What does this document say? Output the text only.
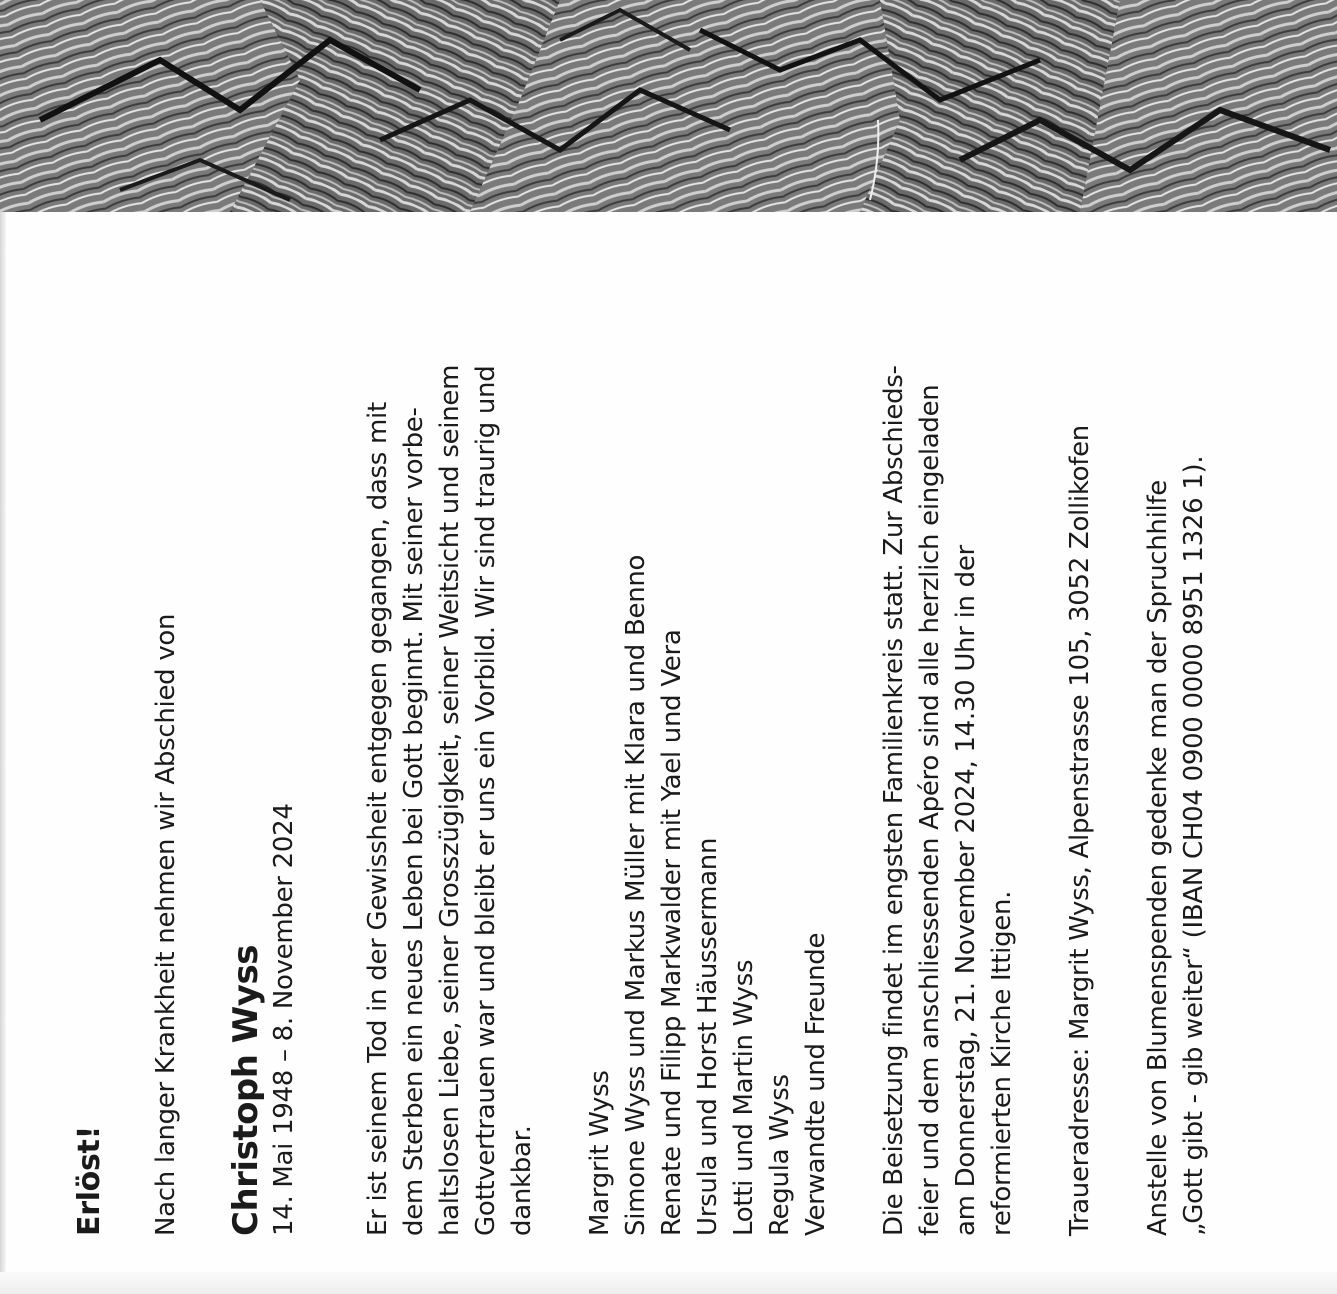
Erlöst! Nach langer Krankheit nehmen wir Abschied von Christoph Wyss 14. Mai 1948 – 8. November 2024 Er ist seinem Tod in der Gewissheit entgegen gegangen, dass mit dem Sterben ein neues Leben bei Gott beginnt. Mit seiner vorbe- haltslosen Liebe, seiner Grosszügigkeit, seiner Weitsicht und seinem Gottvertrauen war und bleibt er uns ein Vorbild. Wir sind traurig und dankbar. Margrit Wyss Simone Wyss und Markus Müller mit Klara und Benno Renate und Filipp Markwalder mit Yael und Vera Ursula und Horst Häussermann Lotti und Martin Wyss Regula Wyss Verwandte und Freunde Die Beisetzung findet im engsten Familienkreis statt. Zur Abschieds- feier und dem anschliessenden Apéro sind alle herzlich eingeladen am Donnerstag, 21. November 2024, 14.30 Uhr in der reformierten Kirche Ittigen. Traueradresse: Margrit Wyss, Alpenstrasse 105, 3052 Zollikofen Anstelle von Blumenspenden gedenke man der Spruchhilfe „Gott gibt - gib weiter“ (IBAN CH04 0900 0000 8951 1326 1).
